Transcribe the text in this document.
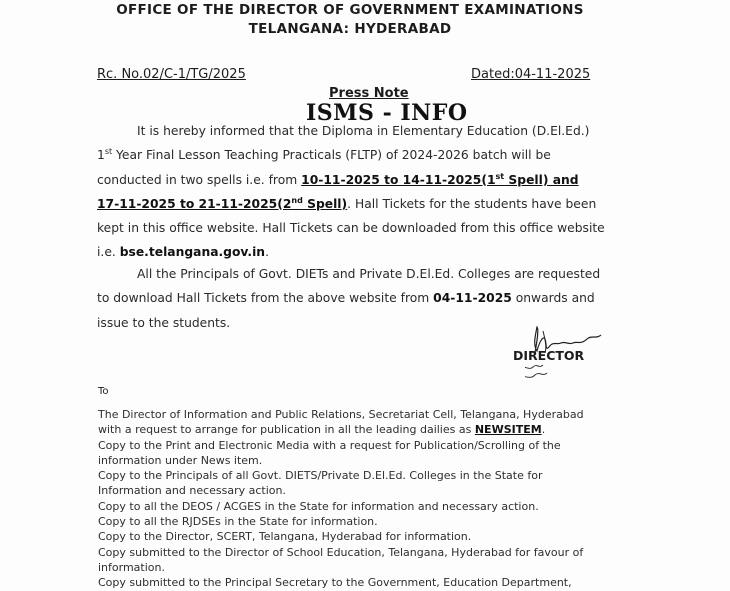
OFFICE OF THE DIRECTOR OF GOVERNMENT EXAMINATIONS
TELANGANA: HYDERABAD
Rc. No.02/C-1/TG/2025	Dated:04-11-2025
Press Note
ISMS - INFO
It is hereby informed that the Diploma in Elementary Education (D.El.Ed.)
1st Year Final Lesson Teaching Practicals (FLTP) of 2024-2026 batch will be
conducted in two spells i.e. from 10-11-2025 to 14-11-2025(1st Spell) and
17-11-2025 to 21-11-2025(2nd Spell). Hall Tickets for the students have been
kept in this office website. Hall Tickets can be downloaded from this office website
i.e. bse.telangana.gov.in.
All the Principals of Govt. DIETs and Private D.El.Ed. Colleges are requested
to download Hall Tickets from the above website from 04-11-2025 onwards and
issue to the students.
DIRECTOR
To
The Director of Information and Public Relations, Secretariat Cell, Telangana, Hyderabad
with a request to arrange for publication in all the leading dailies as NEWSITEM.
Copy to the Print and Electronic Media with a request for Publication/Scrolling of the
information under News item.
Copy to the Principals of all Govt. DIETS/Private D.El.Ed. Colleges in the State for
Information and necessary action.
Copy to all the DEOS / ACGES in the State for information and necessary action.
Copy to all the RJDSEs in the State for information.
Copy to the Director, SCERT, Telangana, Hyderabad for information.
Copy submitted to the Director of School Education, Telangana, Hyderabad for favour of
information.
Copy submitted to the Principal Secretary to the Government, Education Department,
